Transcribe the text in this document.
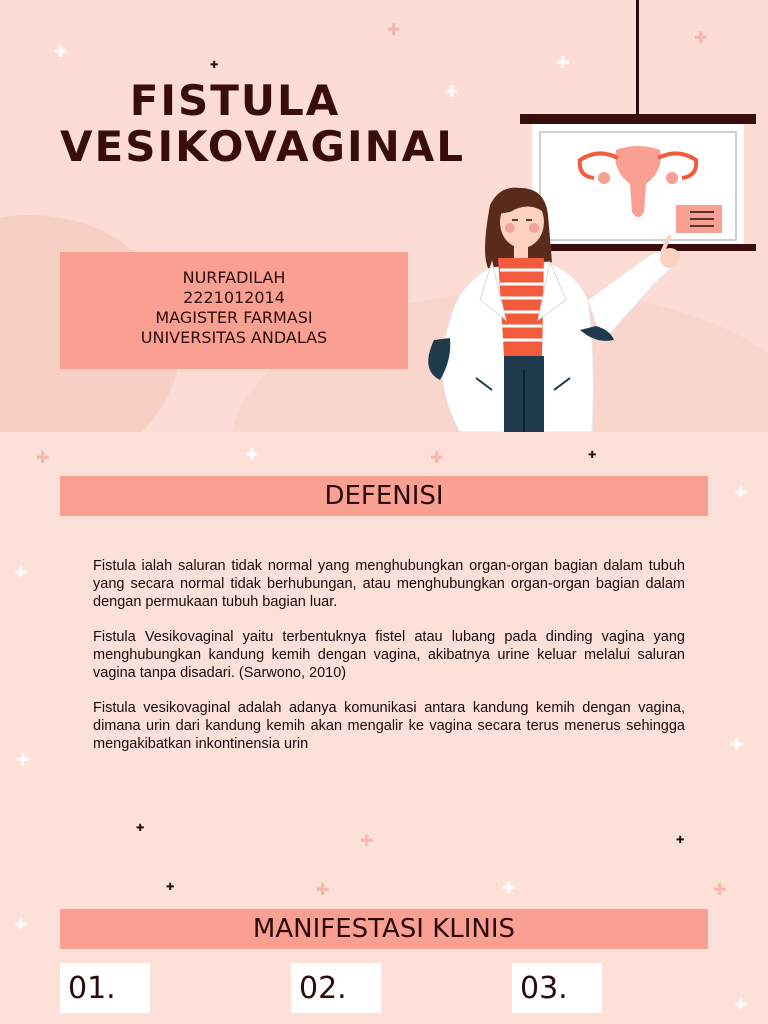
FISTULA VESIKOVAGINAL
NURFADILAH
2221012014
MAGISTER FARMASI
UNIVERSITAS ANDALAS
✚
✚
✚
✚
✚
✚
✚	✚	✚	✚
✚
✚
✚
✚
✚
✚	✚
✚	✚	✚	✚
✚
✚
DEFENISI

Fistula ialah saluran tidak normal yang menghubungkan organ-organ bagian dalam tubuh yang secara normal tidak berhubungan, atau menghubungkan organ-organ bagian dalam dengan permukaan tubuh bagian luar.

Fistula Vesikovaginal yaitu terbentuknya fistel atau lubang pada dinding vagina yang menghubungkan kandung kemih dengan vagina, akibatnya urine keluar melalui saluran vagina tanpa disadari. (Sarwono, 2010)

Fistula vesikovaginal adalah adanya komunikasi antara kandung kemih dengan vagina, dimana urin dari kandung kemih akan mengalir ke vagina secara terus menerus sehingga mengakibatkan inkontinensia urin

MANIFESTASI KLINIS
01.	02.	03.
